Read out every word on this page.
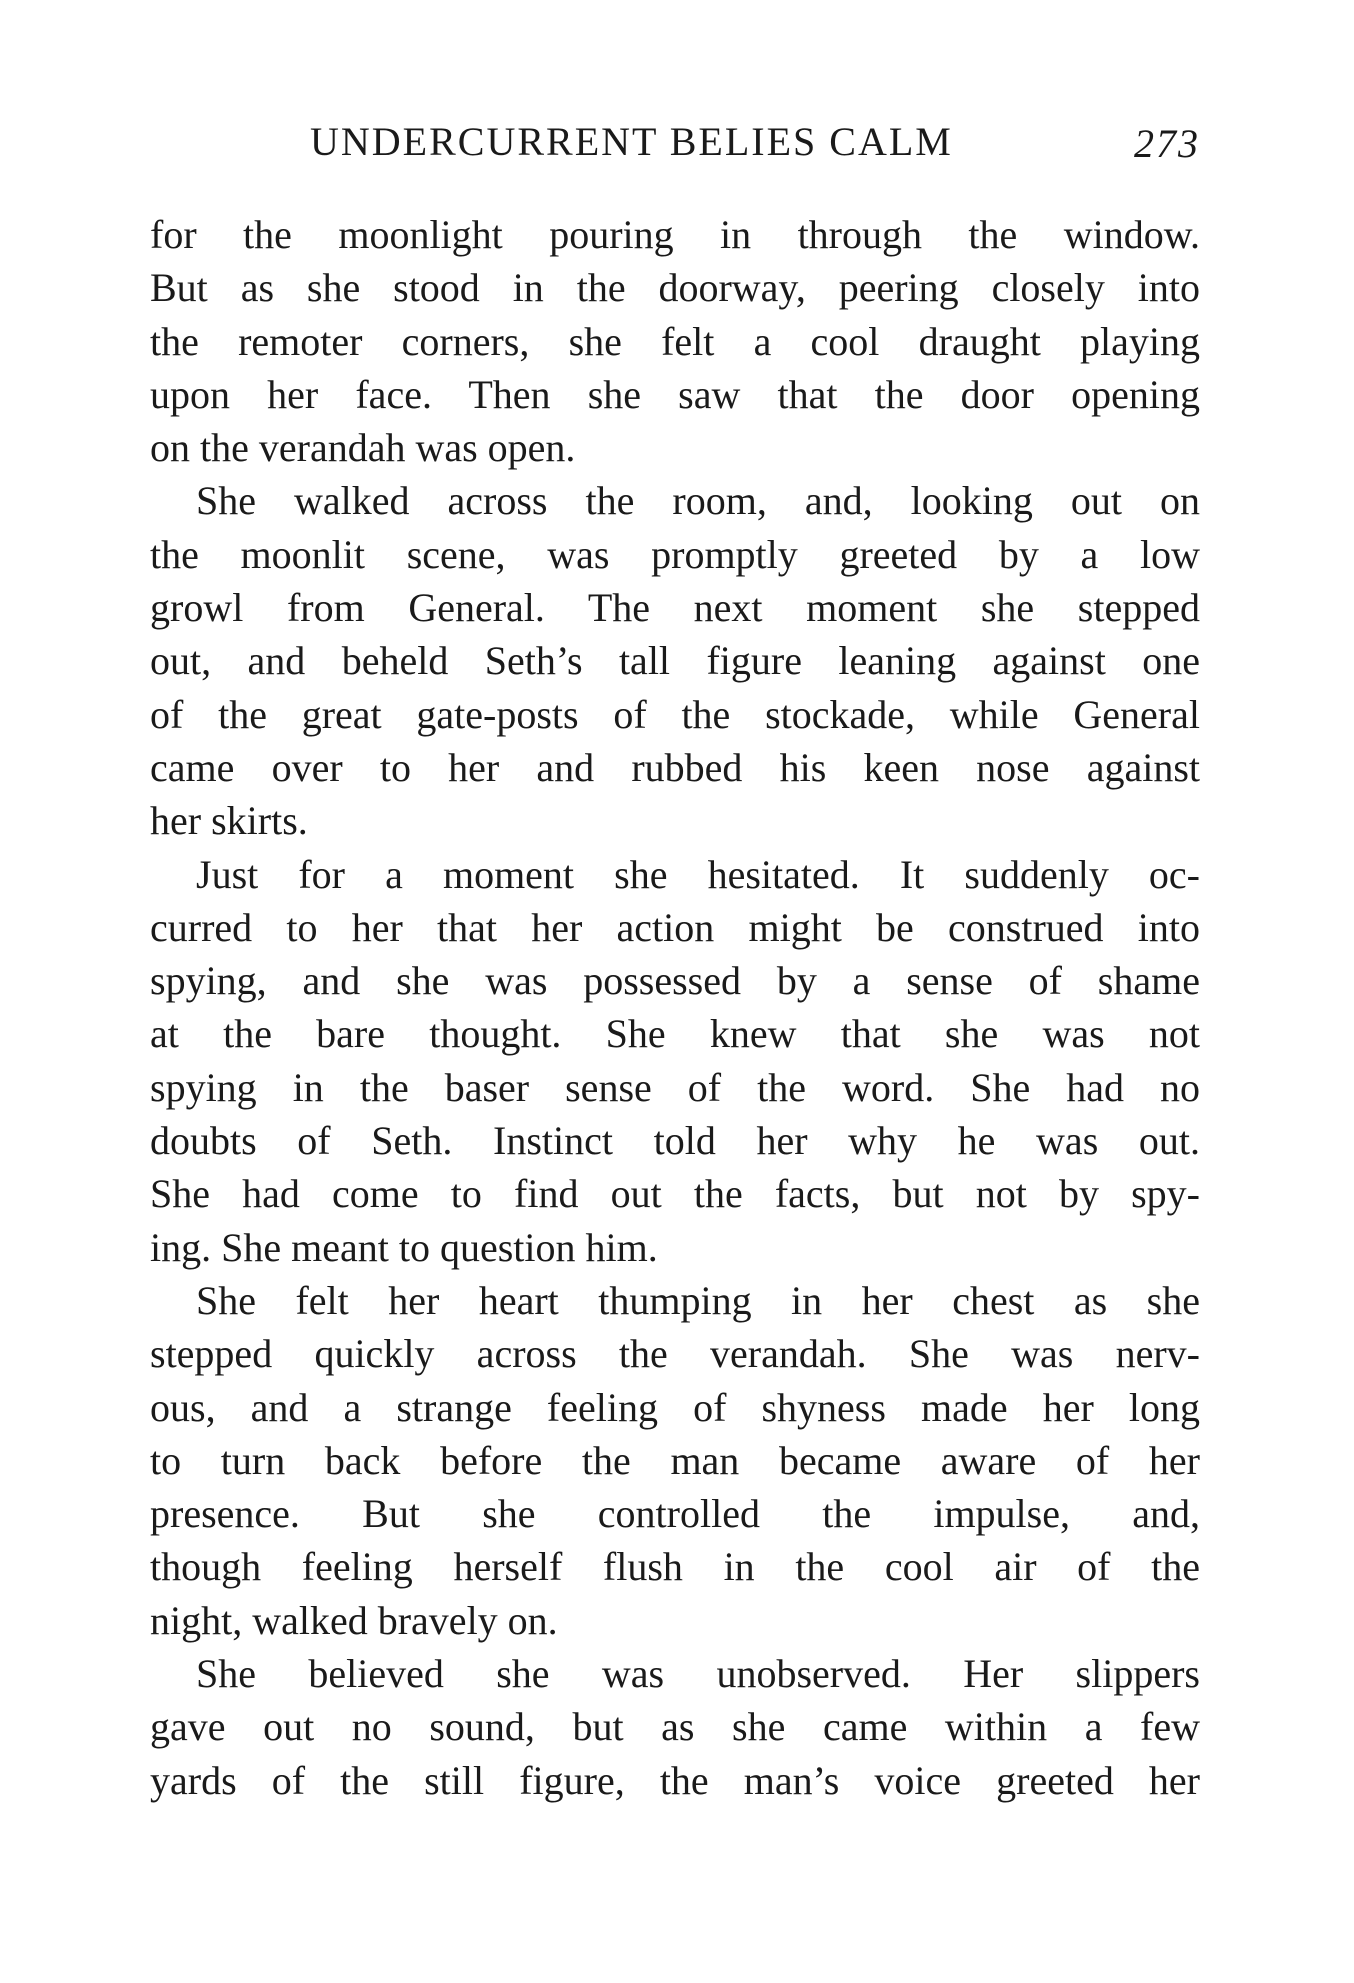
UNDERCURRENT BELIES CALM	273
for the moonlight pouring in through the window.
But as she stood in the doorway, peering closely into
the remoter corners, she felt a cool draught playing
upon her face. Then she saw that the door opening
on the verandah was open.
She walked across the room, and, looking out on
the moonlit scene, was promptly greeted by a low
growl from General. The next moment she stepped
out, and beheld Seth’s tall figure leaning against one
of the great gate-posts of the stockade, while General
came over to her and rubbed his keen nose against
her skirts.
Just for a moment she hesitated. It suddenly oc-
curred to her that her action might be construed into
spying, and she was possessed by a sense of shame
at the bare thought. She knew that she was not
spying in the baser sense of the word. She had no
doubts of Seth. Instinct told her why he was out.
She had come to find out the facts, but not by spy-
ing. She meant to question him.
She felt her heart thumping in her chest as she
stepped quickly across the verandah. She was nerv-
ous, and a strange feeling of shyness made her long
to turn back before the man became aware of her
presence. But she controlled the impulse, and,
though feeling herself flush in the cool air of the
night, walked bravely on.
She believed she was unobserved. Her slippers
gave out no sound, but as she came within a few
yards of the still figure, the man’s voice greeted her
